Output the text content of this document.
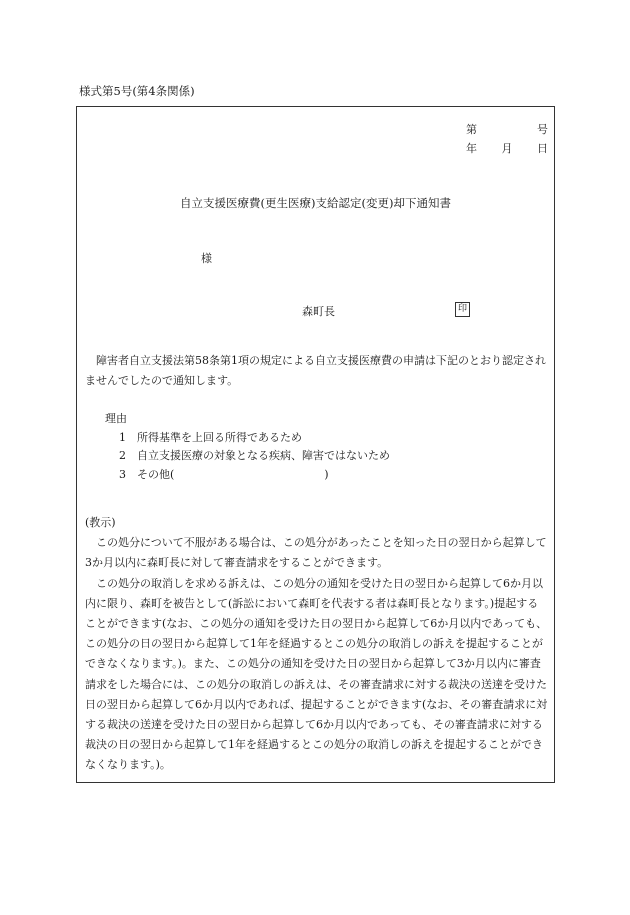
様式第5号(第4条関係)
第	号
年 月 日
自立支援医療費(更生医療)支給認定(変更)却下通知書
様
森町長	印

障害者自立支援法第58条第1項の規定による自立支援医療費の申請は下記のとおり認定されませんでしたので通知します。

理由
1 所得基準を上回る所得であるため
2 自立支援医療の対象となる疾病、障害ではないため
3 その他(	)
(教示)

この処分について不服がある場合は、この処分があったことを知った日の翌日から起算して3か月以内に森町長に対して審査請求をすることができます。

この処分の取消しを求める訴えは、この処分の通知を受けた日の翌日から起算して6か月以内に限り、森町を被告として(訴訟において森町を代表する者は森町長となります。)提起することができます(なお、この処分の通知を受けた日の翌日から起算して6か月以内であっても、この処分の日の翌日から起算して1年を経過するとこの処分の取消しの訴えを提起することができなくなります。)。また、この処分の通知を受けた日の翌日から起算して3か月以内に審査請求をした場合には、この処分の取消しの訴えは、その審査請求に対する裁決の送達を受けた日の翌日から起算して6か月以内であれば、提起することができます(なお、その審査請求に対する裁決の送達を受けた日の翌日から起算して6か月以内であっても、その審査請求に対する裁決の日の翌日から起算して1年を経過するとこの処分の取消しの訴えを提起することができなくなります。)。
